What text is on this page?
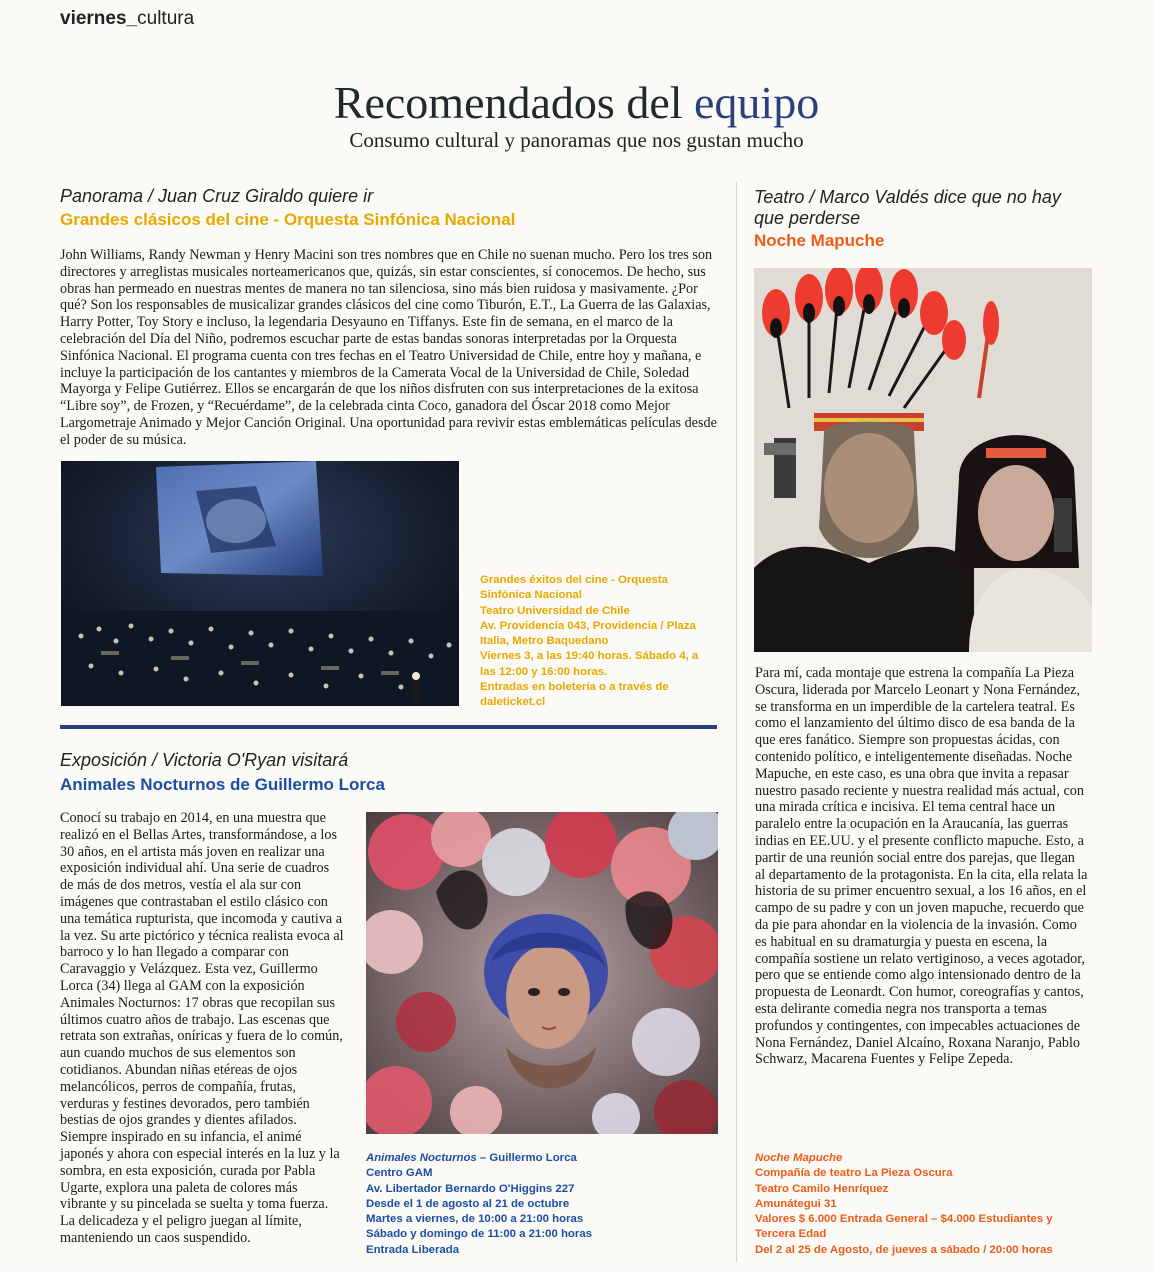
viernes_cultura
Recomendados del equipo
Consumo cultural y panoramas que nos gustan mucho
Panorama / Juan Cruz Giraldo quiere ir
Grandes clásicos del cine - Orquesta Sinfónica Nacional

John Williams, Randy Newman y Henry Macini son tres nombres que en Chile no suenan mucho. Pero los tres son directores y arreglistas musicales norteamericanos que, quizás, sin estar conscientes, sí conocemos. De hecho, sus obras han permeado en nuestras mentes de manera no tan silenciosa, sino más bien ruidosa y masivamente. ¿Por qué? Son los responsables de musicalizar grandes clásicos del cine como Tiburón, E.T., La Guerra de las Galaxias, Harry Potter, Toy Story e incluso, la legendaria Desyauno en Tiffanys. Este fin de semana, en el marco de la celebración del Día del Niño, podremos escuchar parte de estas bandas sonoras interpretadas por la Orquesta Sinfónica Nacional. El programa cuenta con tres fechas en el Teatro Universidad de Chile, entre hoy y mañana, e incluye la participación de los cantantes y miembros de la Camerata Vocal de la Universidad de Chile, Soledad Mayorga y Felipe Gutiérrez. Ellos se encargarán de que los niños disfruten con sus interpretaciones de la exitosa “Libre soy”, de Frozen, y “Recuérdame”, de la celebrada cinta Coco, ganadora del Óscar 2018 como Mejor Largometraje Animado y Mejor Canción Original. Una oportunidad para revivir estas emblemáticas películas desde el poder de su música.

Grandes éxitos del cine - Orquesta Sinfónica Nacional
Teatro Universidad de Chile
Av. Providencia 043, Providencia / Plaza Italia, Metro Baquedano
Viernes 3, a las 19:40 horas. Sábado 4, a las 12:00 y 16:00 horas.
Entradas en boletería o a través de daleticket.cl
Exposición / Victoria O'Ryan visitará
Animales Nocturnos de Guillermo Lorca

Conocí su trabajo en 2014, en una muestra que realizó en el Bellas Artes, transformándose, a los 30 años, en el artista más joven en realizar una exposición individual ahí. Una serie de cuadros de más de dos metros, vestía el ala sur con imágenes que contrastaban el estilo clásico con una temática rupturista, que incomoda y cautiva a la vez. Su arte pictórico y técnica realista evoca al barroco y lo han llegado a comparar con Caravaggio y Velázquez. Esta vez, Guillermo Lorca (34) llega al GAM con la exposición Animales Nocturnos: 17 obras que recopilan sus últimos cuatro años de trabajo. Las escenas que retrata son extrañas, oníricas y fuera de lo común, aun cuando muchos de sus elementos son cotidianos. Abundan niñas etéreas de ojos melancólicos, perros de compañía, frutas, verduras y festines devorados, pero también bestias de ojos grandes y dientes afilados. Siempre inspirado en su infancia, el animé japonés y ahora con especial interés en la luz y la sombra, en esta exposición, curada por Pabla Ugarte, explora una paleta de colores más vibrante y su pincelada se suelta y toma fuerza. La delicadeza y el peligro juegan al límite, manteniendo un caos suspendido.

Animales Nocturnos – Guillermo Lorca
Centro GAM
Av. Libertador Bernardo O'Higgins 227
Desde el 1 de agosto al 21 de octubre
Martes a viernes, de 10:00 a 21:00 horas
Sábado y domingo de 11:00 a 21:00 horas
Entrada Liberada
Teatro / Marco Valdés dice que no hay que perderse
Noche Mapuche

Para mí, cada montaje que estrena la compañía La Pieza Oscura, liderada por Marcelo Leonart y Nona Fernández, se transforma en un imperdible de la cartelera teatral. Es como el lanzamiento del último disco de esa banda de la que eres fanático. Siempre son propuestas ácidas, con contenido político, e inteligentemente diseñadas. Noche Mapuche, en este caso, es una obra que invita a repasar nuestro pasado reciente y nuestra realidad más actual, con una mirada crítica e incisiva. El tema central hace un paralelo entre la ocupación en la Araucanía, las guerras indias en EE.UU. y el presente conflicto mapuche. Esto, a partir de una reunión social entre dos parejas, que llegan al departamento de la protagonista. En la cita, ella relata la historia de su primer encuentro sexual, a los 16 años, en el campo de su padre y con un joven mapuche, recuerdo que da pie para ahondar en la violencia de la invasión. Como es habitual en su dramaturgia y puesta en escena, la compañía sostiene un relato vertiginoso, a veces agotador, pero que se entiende como algo intensionado dentro de la propuesta de Leonardt. Con humor, coreografías y cantos, esta delirante comedia negra nos transporta a temas profundos y contingentes, con impecables actuaciones de Nona Fernández, Daniel Alcaíno, Roxana Naranjo, Pablo Schwarz, Macarena Fuentes y Felipe Zepeda.

Noche Mapuche
Compañía de teatro La Pieza Oscura
Teatro Camilo Henríquez
Amunátegui 31
Valores $ 6.000 Entrada General – $4.000 Estudiantes y Tercera Edad
Del 2 al 25 de Agosto, de jueves a sábado / 20:00 horas
